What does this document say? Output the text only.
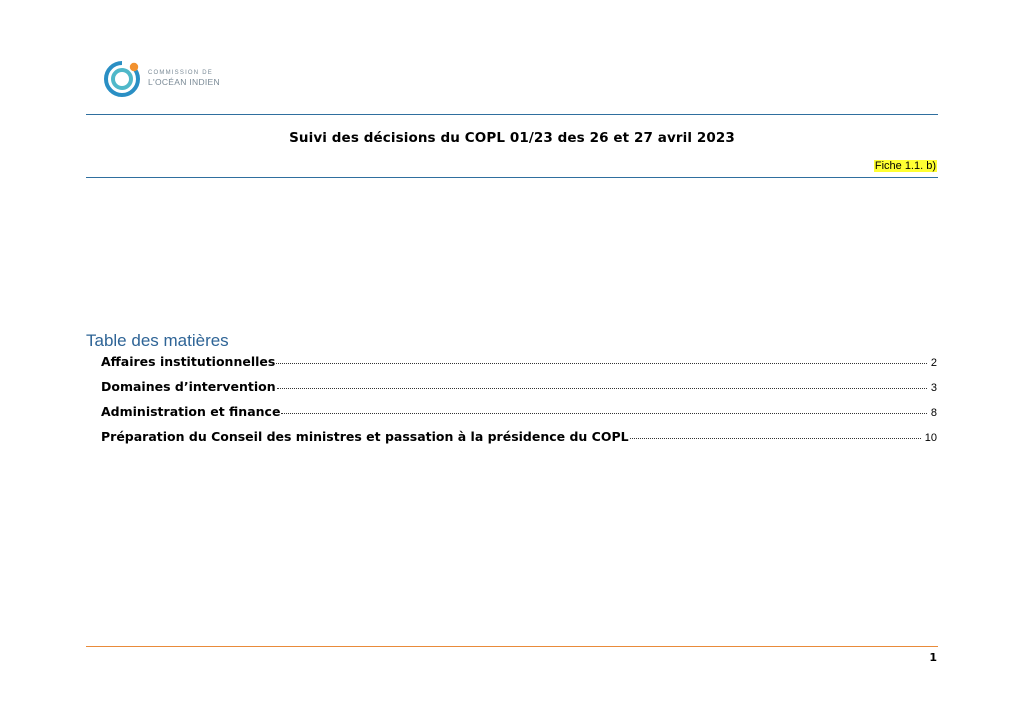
COMMISSION DE
L'OCÉAN INDIEN
Suivi des décisions du COPL 01/23 des 26 et 27 avril 2023
Fiche 1.1. b)
Table des matières
Affaires institutionnelles	2
Domaines d’intervention	3
Administration et finance	8
Préparation du Conseil des ministres et passation à la présidence du COPL	10
1
